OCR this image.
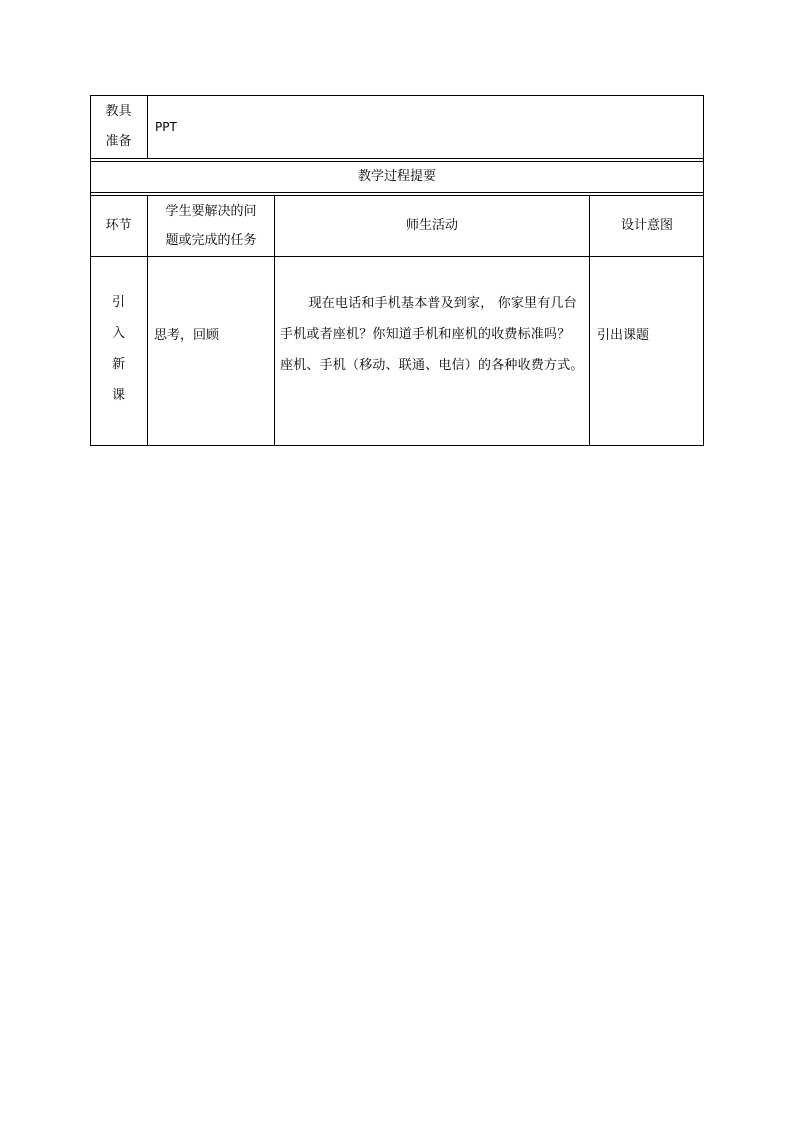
教具
准备
PPT
教学过程提要
环节
学生要解决的问
题或完成的任务
师生活动	设计意图
引
入
新
课
思考，回顾
现在电话和手机基本普及到家， 你家里有几台手机或者座机？你知道手机和座机的收费标准吗？ 座机、手机（移动、联通、电信）的各种收费方式。
引出课题
